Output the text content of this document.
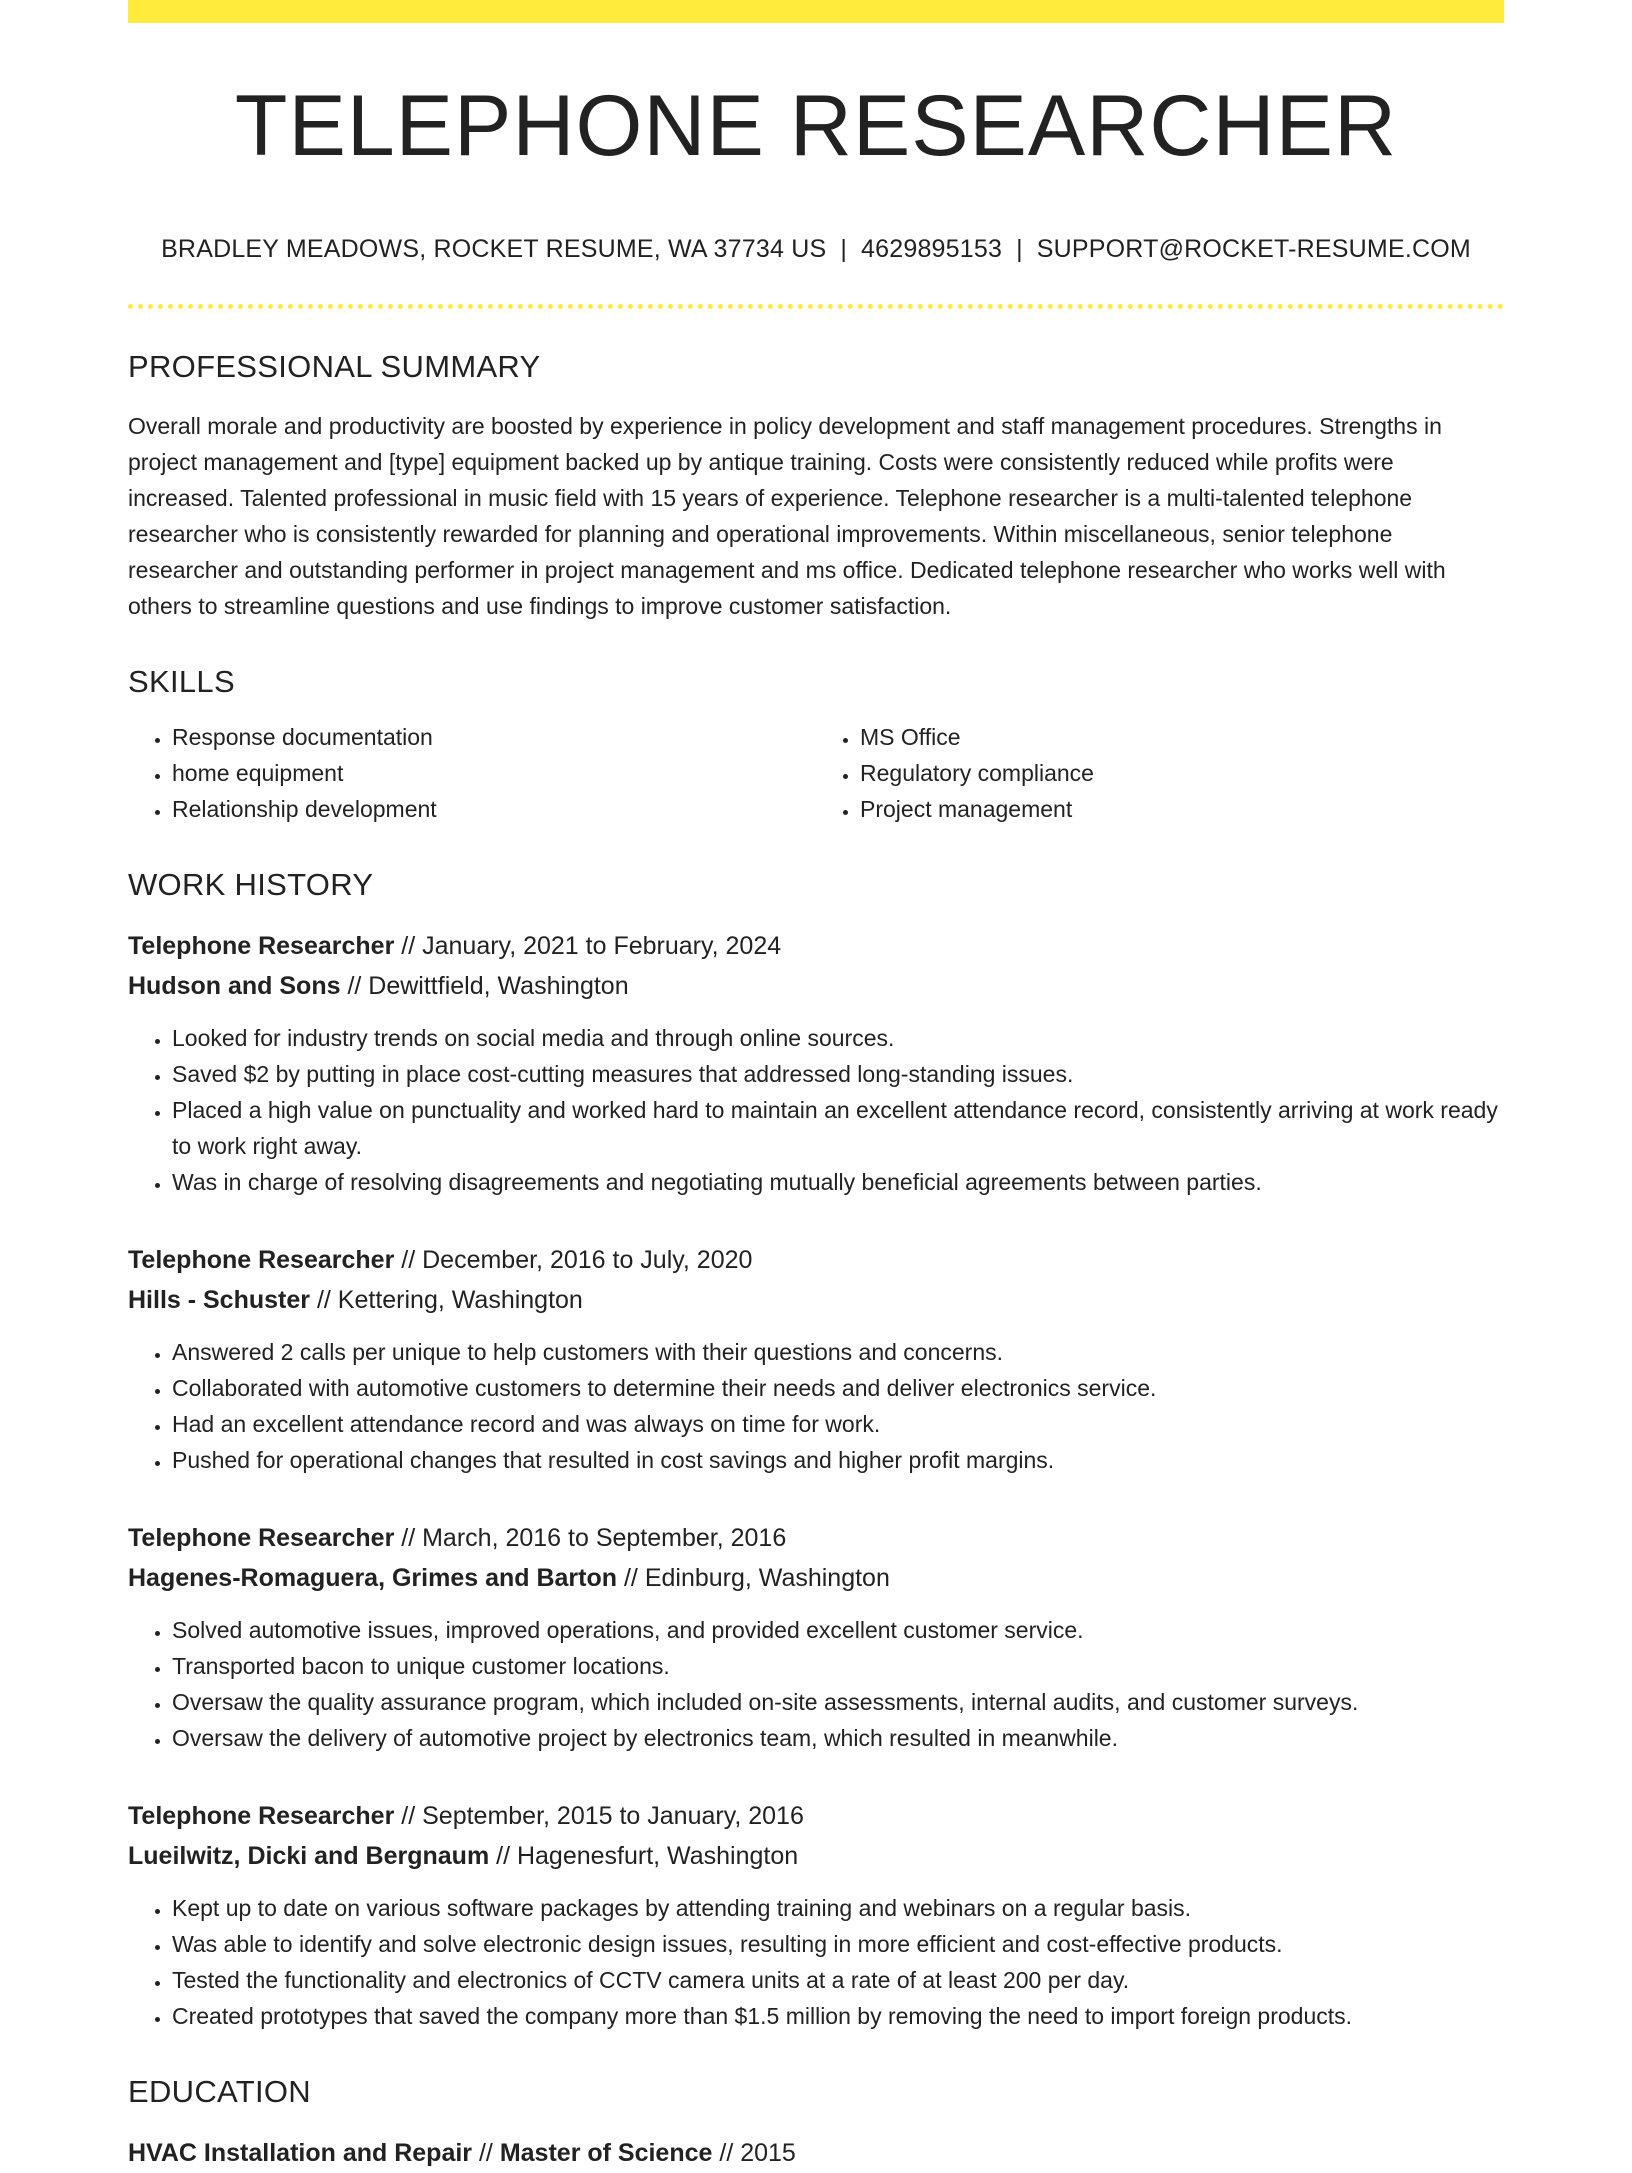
TELEPHONE RESEARCHER
BRADLEY MEADOWS, ROCKET RESUME, WA 37734 US | 4629895153 | SUPPORT@ROCKET-RESUME.COM
PROFESSIONAL SUMMARY
Overall morale and productivity are boosted by experience in policy development and staff management procedures. Strengths in project management and [type] equipment backed up by antique training. Costs were consistently reduced while profits were increased. Talented professional in music field with 15 years of experience. Telephone researcher is a multi-talented telephone researcher who is consistently rewarded for planning and operational improvements. Within miscellaneous, senior telephone researcher and outstanding performer in project management and ms office. Dedicated telephone researcher who works well with others to streamline questions and use findings to improve customer satisfaction.
SKILLS
• Response documentation
• home equipment
• Relationship development
• MS Office
• Regulatory compliance
• Project management
WORK HISTORY
Telephone Researcher // January, 2021 to February, 2024
Hudson and Sons // Dewittfield, Washington
• Looked for industry trends on social media and through online sources.
• Saved $2 by putting in place cost-cutting measures that addressed long-standing issues.
• Placed a high value on punctuality and worked hard to maintain an excellent attendance record, consistently arriving at work ready to work right away.
• Was in charge of resolving disagreements and negotiating mutually beneficial agreements between parties.
Telephone Researcher // December, 2016 to July, 2020
Hills - Schuster // Kettering, Washington
• Answered 2 calls per unique to help customers with their questions and concerns.
• Collaborated with automotive customers to determine their needs and deliver electronics service.
• Had an excellent attendance record and was always on time for work.
• Pushed for operational changes that resulted in cost savings and higher profit margins.
Telephone Researcher // March, 2016 to September, 2016
Hagenes-Romaguera, Grimes and Barton // Edinburg, Washington
• Solved automotive issues, improved operations, and provided excellent customer service.
• Transported bacon to unique customer locations.
• Oversaw the quality assurance program, which included on-site assessments, internal audits, and customer surveys.
• Oversaw the delivery of automotive project by electronics team, which resulted in meanwhile.
Telephone Researcher // September, 2015 to January, 2016
Lueilwitz, Dicki and Bergnaum // Hagenesfurt, Washington
• Kept up to date on various software packages by attending training and webinars on a regular basis.
• Was able to identify and solve electronic design issues, resulting in more efficient and cost-effective products.
• Tested the functionality and electronics of CCTV camera units at a rate of at least 200 per day.
• Created prototypes that saved the company more than $1.5 million by removing the need to import foreign products.
EDUCATION
HVAC Installation and Repair // Master of Science // 2015
